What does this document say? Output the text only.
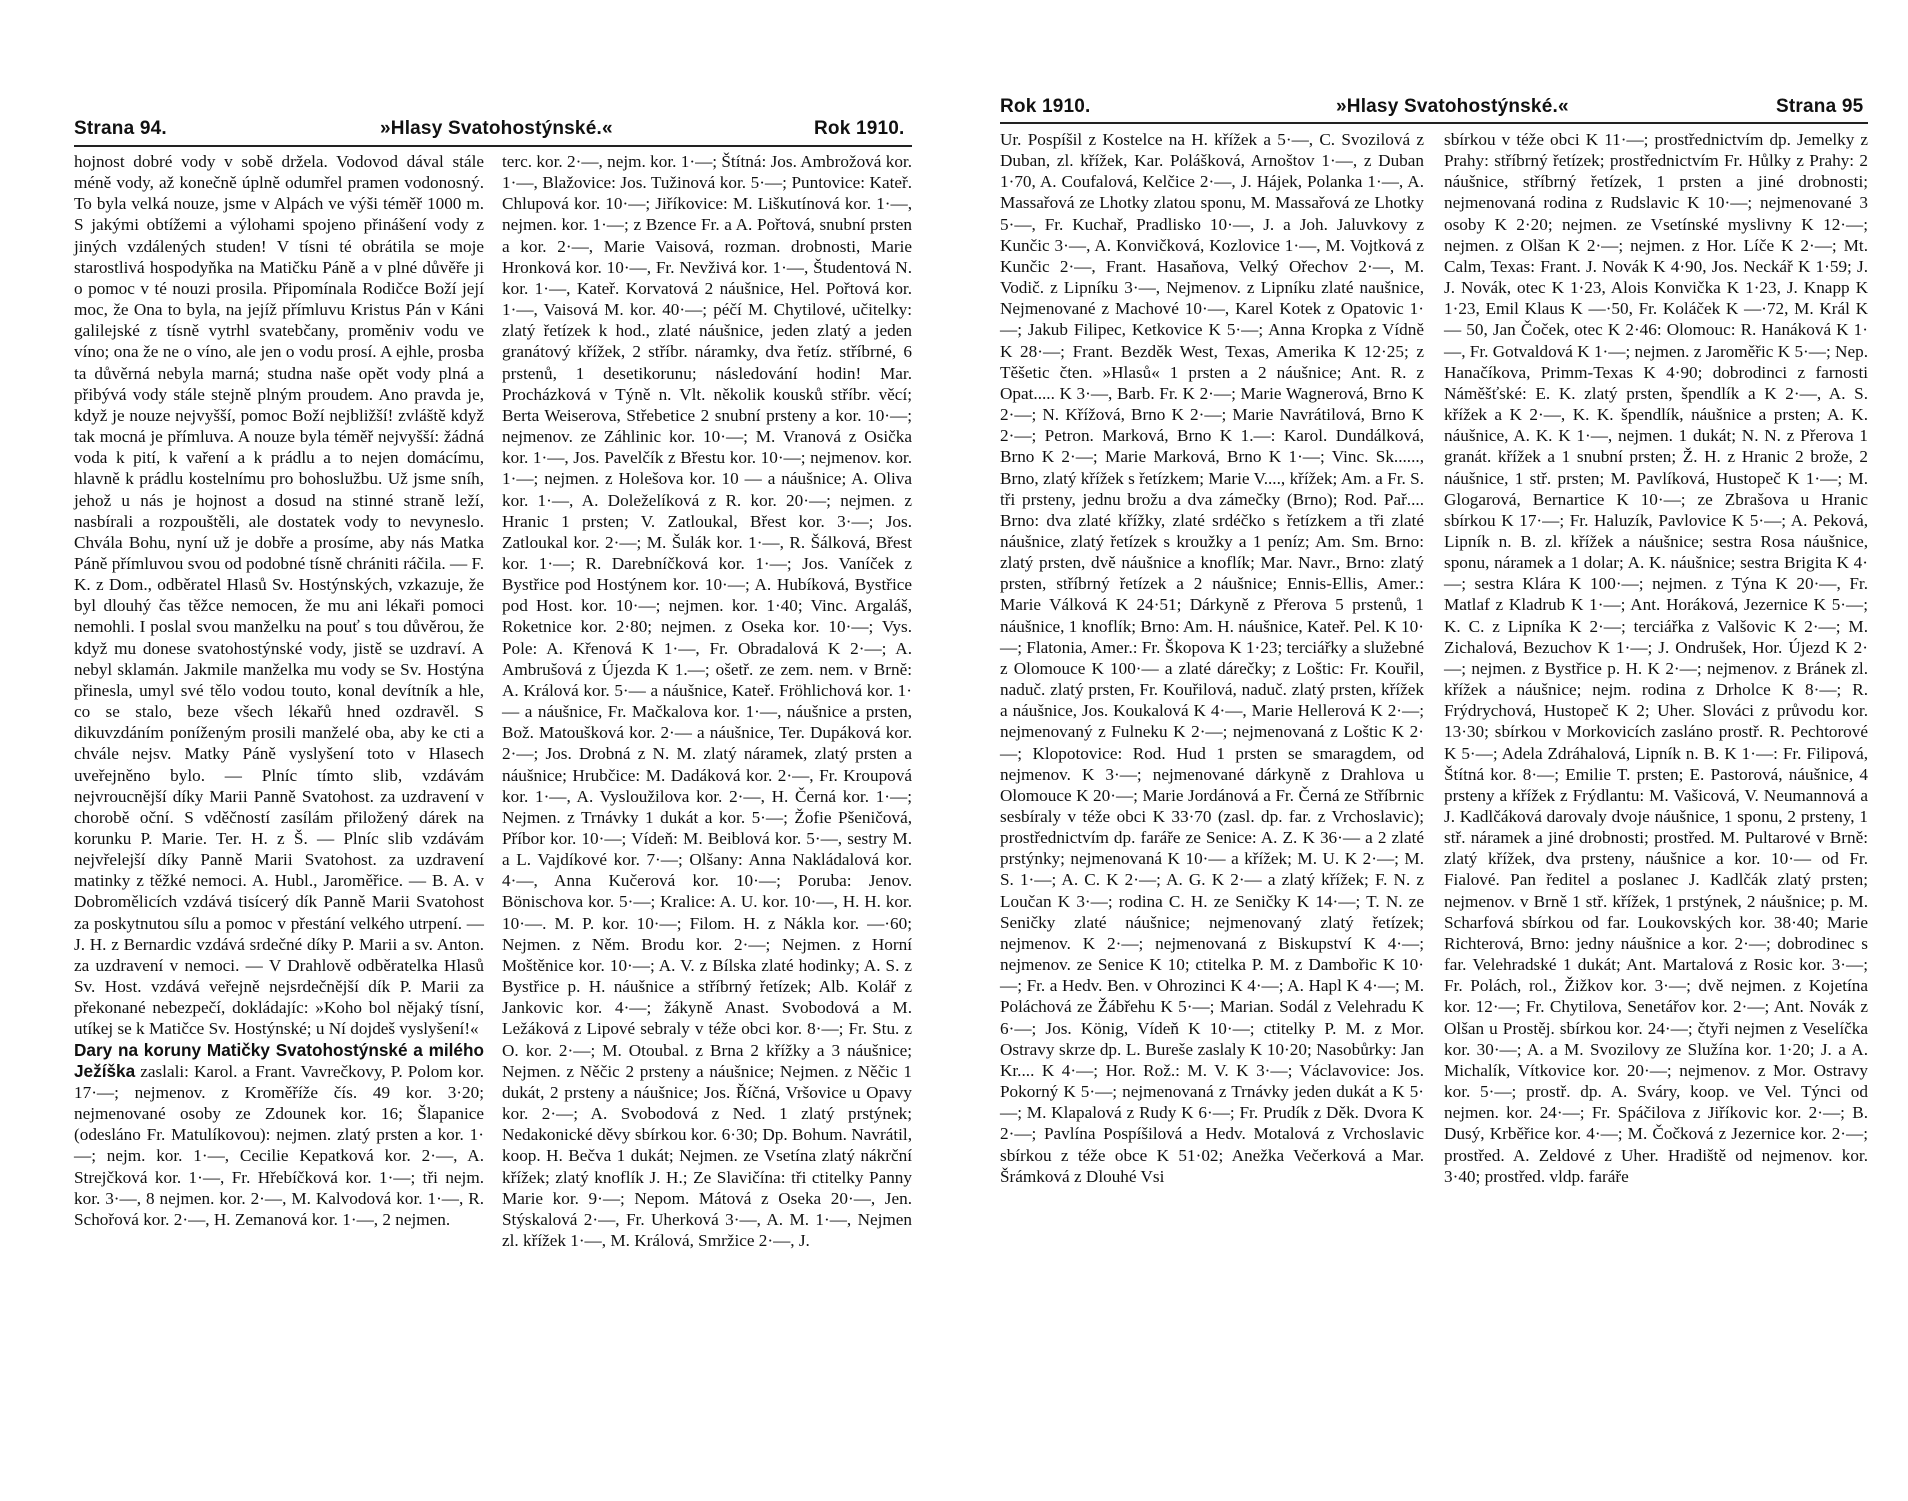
Strana 94.	»Hlasy Svatohostýnské.«	Rok 1910.

hojnost dobré vody v sobě držela. Vodovod dával stále méně vody, až konečně úplně odumřel pramen vodonosný. To byla velká nouze, jsme v Alpách ve výši téměř 1000 m. S jakými obtížemi a výlohami spojeno přinášení vody z jiných vzdálených studen! V tísni té obrátila se moje starostlivá hospodyňka na Matičku Páně a v plné důvěře ji o pomoc v té nouzi prosila. Připomínala Rodičce Boží její moc, že Ona to byla, na jejíž přímluvu Kristus Pán v Káni galilejské z tísně vytrhl svatebčany, proměniv vodu ve víno; ona že ne o víno, ale jen o vodu prosí. A ejhle, prosba ta důvěrná nebyla marná; studna naše opět vody plná a přibývá vody stále stejně plným proudem. Ano pravda je, když je nouze nejvyšší, pomoc Boží nejbližší! zvláště když tak mocná je přímluva. A nouze byla téměř nejvyšší: žádná voda k pití, k vaření a k prádlu a to nejen domácímu, hlavně k prádlu kostelnímu pro bohoslužbu. Už jsme sníh, jehož u nás je hojnost a dosud na stinné straně leží, nasbírali a rozpouštěli, ale dostatek vody to nevyneslo. Chvála Bohu, nyní už je dobře a prosíme, aby nás Matka Páně přímluvou svou od podobné tísně chrániti ráčila. — F. K. z Dom., odběratel Hlasů Sv. Hostýnských, vzkazuje, že byl dlouhý čas těžce nemocen, že mu ani lékaři pomoci nemohli. I poslal svou manželku na pouť s tou důvěrou, že když mu donese svatohostýnské vody, jistě se uzdraví. A nebyl sklamán. Jakmile manželka mu vody se Sv. Hostýna přinesla, umyl své tělo vodou touto, konal devítník a hle, co se stalo, beze všech lékařů hned ozdravěl. S dikuvzdáním poníženým prosili manželé oba, aby ke cti a chvále nejsv. Matky Páně vyslyšení toto v Hlasech uveřejněno bylo. — Plníc tímto slib, vzdávám nejvroucnější díky Marii Panně Svatohost. za uzdravení v chorobě oční. S vděčností zasílám přiložený dárek na korunku P. Marie. Ter. H. z Š. — Plníc slib vzdávám nejvřelejší díky Panně Marii Svatohost. za uzdravení matinky z těžké nemoci. A. Hubl., Jaroměřice. — B. A. v Dobromělicích vzdává tisícerý dík Panně Marii Svatohost za poskytnutou sílu a pomoc v přestání velkého utrpení. — J. H. z Bernardic vzdává srdečné díky P. Marii a sv. Anton. za uzdravení v nemoci. — V Drahlově odběratelka Hlasů Sv. Host. vzdává veřejně nejsrdečnější dík P. Marii za překonané nebezpečí, dokládajíc: »Koho bol nějaký tísní, utíkej se k Matičce Sv. Hostýnské; u Ní dojdeš vyslyšení!«

Dary na koruny Matičky Svatohostýnské a milého Ježíška zaslali: Karol. a Frant. Vavrečkovy, P. Polom kor. 17·—; nejmenov. z Kroměříže čís. 49 kor. 3·20; nejmenované osoby ze Zdounek kor. 16; Šlapanice (odesláno Fr. Matulíkovou): nejmen. zlatý prsten a kor. 1·—; nejm. kor. 1·—, Cecilie Kepatková kor. 2·—, A. Strejčková kor. 1·—, Fr. Hřebíčková kor. 1·—; tři nejm. kor. 3·—, 8 nejmen. kor. 2·—, M. Kalvodová kor. 1·—, R. Schořová kor. 2·—, H. Zemanová kor. 1·—, 2 nejmen.

terc. kor. 2·—, nejm. kor. 1·—; Štítná: Jos. Ambrožová kor. 1·—, Blažovice: Jos. Tužinová kor. 5·—; Puntovice: Kateř. Chlupová kor. 10·—; Jiříkovice: M. Liškutínová kor. 1·—, nejmen. kor. 1·—; z Bzence Fr. a A. Pořtová, snubní prsten a kor. 2·—, Marie Vaisová, rozman. drobnosti, Marie Hronková kor. 10·—, Fr. Nevživá kor. 1·—, Študentová N. kor. 1·—, Kateř. Korvatová 2 náušnice, Hel. Pořtová kor. 1·—, Vaisová M. kor. 40·—; péčí M. Chytilové, učitelky: zlatý řetízek k hod., zlaté náušnice, jeden zlatý a jeden granátový křížek, 2 stříbr. náramky, dva řetíz. stříbrné, 6 prstenů, 1 desetikorunu; následování hodin! Mar. Procházková v Týně n. Vlt. několik kousků stříbr. věcí; Berta Weiserova, Střebetice 2 snubní prsteny a kor. 10·—; nejmenov. ze Záhlinic kor. 10·—; M. Vranová z Osička kor. 1·—, Jos. Pavelčík z Břestu kor. 10·—; nejmenov. kor. 1·—; nejmen. z Holešova kor. 10 — a náušnice; A. Oliva kor. 1·—, A. Doleželíková z R. kor. 20·—; nejmen. z Hranic 1 prsten; V. Zatloukal, Břest kor. 3·—; Jos. Zatloukal kor. 2·—; M. Šulák kor. 1·—, R. Šálková, Břest kor. 1·—; R. Darebníčková kor. 1·—; Jos. Vaníček z Bystřice pod Hostýnem kor. 10·—; A. Hubíková, Bystřice pod Host. kor. 10·—; nejmen. kor. 1·40; Vinc. Argaláš, Roketnice kor. 2·80; nejmen. z Oseka kor. 10·—; Vys. Pole: A. Křenová K 1·—, Fr. Obradalová K 2·—; A. Ambrušová z Újezda K 1.—; ošetř. ze zem. nem. v Brně: A. Králová kor. 5·— a náušnice, Kateř. Fröhlichová kor. 1·— a náušnice, Fr. Mačkalova kor. 1·—, náušnice a prsten, Bož. Matoušková kor. 2·— a náušnice, Ter. Dupáková kor. 2·—; Jos. Drobná z N. M. zlatý náramek, zlatý prsten a náušnice; Hrubčice: M. Dadáková kor. 2·—, Fr. Kroupová kor. 1·—, A. Vysloužilova kor. 2·—, H. Černá kor. 1·—; Nejmen. z Trnávky 1 dukát a kor. 5·—; Žofie Pšeničová, Příbor kor. 10·—; Vídeň: M. Beiblová kor. 5·—, sestry M. a L. Vajdíkové kor. 7·—; Olšany: Anna Nakládalová kor. 4·—, Anna Kučerová kor. 10·—; Poruba: Jenov. Bönischova kor. 5·—; Kralice: A. U. kor. 10·—, H. H. kor. 10·—. M. P. kor. 10·—; Filom. H. z Nákla kor. —·60; Nejmen. z Něm. Brodu kor. 2·—; Nejmen. z Horní Moštěnice kor. 10·—; A. V. z Bílska zlaté hodinky; A. S. z Bystřice p. H. náušnice a stříbrný řetízek; Alb. Kolář z Jankovic kor. 4·—; žákyně Anast. Svobodová a M. Ležáková z Lipové sebraly v téže obci kor. 8·—; Fr. Stu. z O. kor. 2·—; M. Otoubal. z Brna 2 křížky a 3 náušnice; Nejmen. z Něčic 2 prsteny a náušnice; Nejmen. z Něčic 1 dukát, 2 prsteny a náušnice; Jos. Říčná, Vršovice u Opavy kor. 2·—; A. Svobodová z Ned. 1 zlatý prstýnek; Nedakonické děvy sbírkou kor. 6·30; Dp. Bohum. Navrátil, koop. H. Bečva 1 dukát; Nejmen. ze Vsetína zlatý nákrční křížek; zlatý knoflík J. H.; Ze Slavičína: tři ctitelky Panny Marie kor. 9·—; Nepom. Mátová z Oseka 20·—, Jen. Stýskalová 2·—, Fr. Uherková 3·—, A. M. 1·—, Nejmen zl. křížek 1·—, M. Králová, Smržice 2·—, J.

Rok 1910.	»Hlasy Svatohostýnské.«	Strana 95

Ur. Pospíšil z Kostelce na H. křížek a 5·—, C. Svozilová z Duban, zl. křížek, Kar. Polášková, Arnoštov 1·—, z Duban 1·70, A. Coufalová, Kelčice 2·—, J. Hájek, Polanka 1·—, A. Massařová ze Lhotky zlatou sponu, M. Massařová ze Lhotky 5·—, Fr. Kuchař, Pradlisko 10·—, J. a Joh. Jaluvkovy z Kunčic 3·—, A. Konvičková, Kozlovice 1·—, M. Vojtková z Kunčic 2·—, Frant. Hasaňova, Velký Ořechov 2·—, M. Vodič. z Lipníku 3·—, Nejmenov. z Lipníku zlaté naušnice, Nejmenované z Machové 10·—, Karel Kotek z Opatovic 1·—; Jakub Filipec, Ketkovice K 5·—; Anna Kropka z Vídně K 28·—; Frant. Bezděk West, Texas, Amerika K 12·25; z Těšetic čten. »Hlasů« 1 prsten a 2 náušnice; Ant. R. z Opat..... K 3·—, Barb. Fr. K 2·—; Marie Wagnerová, Brno K 2·—; N. Křížová, Brno K 2·—; Marie Navrátilová, Brno K 2·—; Petron. Marková, Brno K 1.—: Karol. Dundálková, Brno K 2·—; Marie Marková, Brno K 1·—; Vinc. Sk......, Brno, zlatý křížek s řetízkem; Marie V...., křížek; Am. a Fr. S. tři prsteny, jednu brožu a dva zámečky (Brno); Rod. Pař.... Brno: dva zlaté křížky, zlaté srdéčko s řetízkem a tři zlaté náušnice, zlatý řetízek s kroužky a 1 peníz; Am. Sm. Brno: zlatý prsten, dvě náušnice a knoflík; Mar. Navr., Brno: zlatý prsten, stříbrný řetízek a 2 náušnice; Ennis-Ellis, Amer.: Marie Válková K 24·51; Dárkyně z Přerova 5 prstenů, 1 náušnice, 1 knoflík; Brno: Am. H. náušnice, Kateř. Pel. K 10·—; Flatonia, Amer.: Fr. Škopova K 1·23; terciářky a služebné z Olomouce K 100·— a zlaté dárečky; z Loštic: Fr. Kouřil, naduč. zlatý prsten, Fr. Kouřilová, naduč. zlatý prsten, křížek a náušnice, Jos. Koukalová K 4·—, Marie Hellerová K 2·—; nejmenovaný z Fulneku K 2·—; nejmenovaná z Loštic K 2·—; Klopotovice: Rod. Hud 1 prsten se smaragdem, od nejmenov. K 3·—; nejmenované dárkyně z Drahlova u Olomouce K 20·—; Marie Jordánová a Fr. Černá ze Stříbrnic sesbíraly v téže obci K 33·70 (zasl. dp. far. z Vrchoslavic); prostřednictvím dp. faráře ze Senice: A. Z. K 36·— a 2 zlaté prstýnky; nejmenovaná K 10·— a křížek; M. U. K 2·—; M. S. 1·—; A. C. K 2·—; A. G. K 2·— a zlatý křížek; F. N. z Loučan K 3·—; rodina C. H. ze Seničky K 14·—; T. N. ze Seničky zlaté náušnice; nejmenovaný zlatý řetízek; nejmenov. K 2·—; nejmenovaná z Biskupství K 4·—; nejmenov. ze Senice K 10; ctitelka P. M. z Dambořic K 10·—; Fr. a Hedv. Ben. v Ohrozinci K 4·—; A. Hapl K 4·—; M. Poláchová ze Žábřehu K 5·—; Marian. Sodál z Velehradu K 6·—; Jos. König, Vídeň K 10·—; ctitelky P. M. z Mor. Ostravy skrze dp. L. Bureše zaslaly K 10·20; Nasobůrky: Jan Kr.... K 4·—; Hor. Rož.: M. V. K 3·—; Václavovice: Jos. Pokorný K 5·—; nejmenovaná z Trnávky jeden dukát a K 5·—; M. Klapalová z Rudy K 6·—; Fr. Prudík z Děk. Dvora K 2·—; Pavlína Pospíšilová a Hedv. Motalová z Vrchoslavic sbírkou z téže obce K 51·02; Anežka Večerková a Mar. Šrámková z Dlouhé Vsi

sbírkou v téže obci K 11·—; prostřednictvím dp. Jemelky z Prahy: stříbrný řetízek; prostřednictvím Fr. Hůlky z Prahy: 2 náušnice, stříbrný řetízek, 1 prsten a jiné drobnosti; nejmenovaná rodina z Rudslavic K 10·—; nejmenované 3 osoby K 2·20; nejmen. ze Vsetínské myslivny K 12·—; nejmen. z Olšan K 2·—; nejmen. z Hor. Líče K 2·—; Mt. Calm, Texas: Frant. J. Novák K 4·90, Jos. Neckář K 1·59; J. J. Novák, otec K 1·23, Alois Konvička K 1·23, J. Knapp K 1·23, Emil Klaus K —·50, Fr. Koláček K —·72, M. Král K — 50, Jan Čoček, otec K 2·46: Olomouc: R. Hanáková K 1·—, Fr. Gotvaldová K 1·—; nejmen. z Jaroměřic K 5·—; Nep. Hanačíkova, Primm-Texas K 4·90; dobrodinci z farnosti Náměšťské: E. K. zlatý prsten, špendlík a K 2·—, A. S. křížek a K 2·—, K. K. špendlík, náušnice a prsten; A. K. náušnice, A. K. K 1·—, nejmen. 1 dukát; N. N. z Přerova 1 granát. křížek a 1 snubní prsten; Ž. H. z Hranic 2 brože, 2 náušnice, 1 stř. prsten; M. Pavlíková, Hustopeč K 1·—; M. Glogarová, Bernartice K 10·—; ze Zbrašova u Hranic sbírkou K 17·—; Fr. Haluzík, Pavlovice K 5·—; A. Peková, Lipník n. B. zl. křížek a náušnice; sestra Rosa náušnice, sponu, náramek a 1 dolar; A. K. náušnice; sestra Brigita K 4·—; sestra Klára K 100·—; nejmen. z Týna K 20·—, Fr. Matlaf z Kladrub K 1·—; Ant. Horáková, Jezernice K 5·—; K. C. z Lipníka K 2·—; terciářka z Valšovic K 2·—; M. Zichalová, Bezuchov K 1·—; J. Ondrušek, Hor. Újezd K 2·—; nejmen. z Bystřice p. H. K 2·—; nejmenov. z Bránek zl. křížek a náušnice; nejm. rodina z Drholce K 8·—; R. Frýdrychová, Hustopeč K 2; Uher. Slováci z průvodu kor. 13·30; sbírkou v Morkovicích zasláno prostř. R. Pechtorové K 5·—; Adela Zdráhalová, Lipník n. B. K 1·—: Fr. Filipová, Štítná kor. 8·—; Emilie T. prsten; E. Pastorová, náušnice, 4 prsteny a křížek z Frýdlantu: M. Vašicová, V. Neumannová a J. Kadlčáková darovaly dvoje náušnice, 1 sponu, 2 prsteny, 1 stř. náramek a jiné drobnosti; prostřed. M. Pultarové v Brně: zlatý křížek, dva prsteny, náušnice a kor. 10·— od Fr. Fialové. Pan ředitel a poslanec J. Kadlčák zlatý prsten; nejmenov. v Brně 1 stř. křížek, 1 prstýnek, 2 náušnice; p. M. Scharfová sbírkou od far. Loukovských kor. 38·40; Marie Richterová, Brno: jedny náušnice a kor. 2·—; dobrodinec s far. Velehradské 1 dukát; Ant. Martalová z Rosic kor. 3·—; Fr. Polách, rol., Žižkov kor. 3·—; dvě nejmen. z Kojetína kor. 12·—; Fr. Chytilova, Senetářov kor. 2·—; Ant. Novák z Olšan u Prostěj. sbírkou kor. 24·—; čtyři nejmen z Veselíčka kor. 30·—; A. a M. Svozilovy ze Služína kor. 1·20; J. a A. Michalík, Vítkovice kor. 20·—; nejmenov. z Mor. Ostravy kor. 5·—; prostř. dp. A. Sváry, koop. ve Vel. Týnci od nejmen. kor. 24·—; Fr. Spáčilova z Jiříkovic kor. 2·—; B. Dusý, Krběřice kor. 4·—; M. Čočková z Jezernice kor. 2·—; prostřed. A. Zeldové z Uher. Hradiště od nejmenov. kor. 3·40; prostřed. vldp. faráře
